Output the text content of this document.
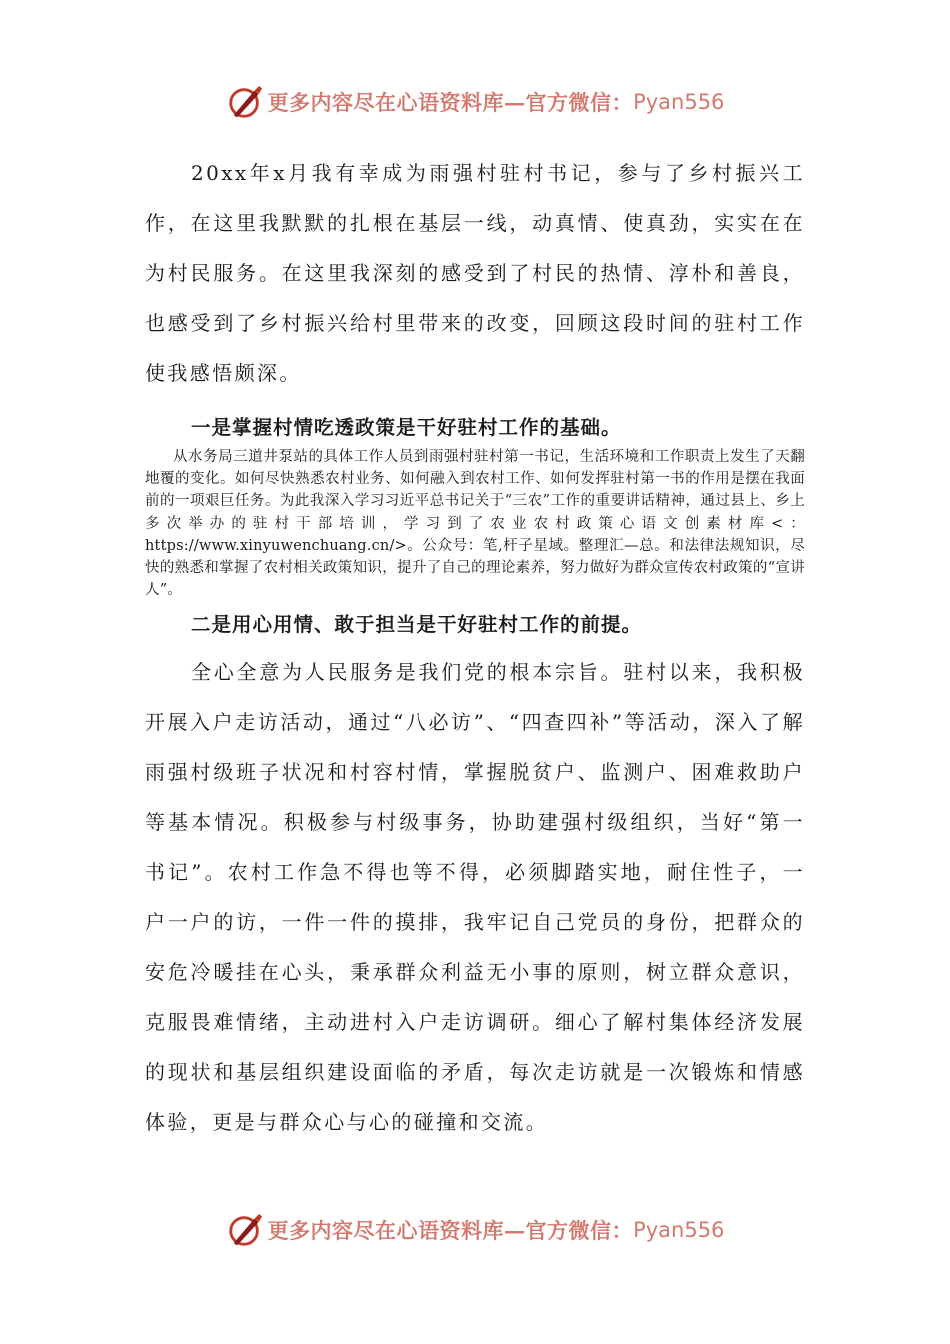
更多内容尽在心语资料库—官方微信： Pyan556

20xx年x月我有幸成为雨强村驻村书记，参与了乡村振兴工作，在这里我默默的扎根在基层一线，动真情、使真劲，实实在在为村民服务。在这里我深刻的感受到了村民的热情、淳朴和善良，也感受到了乡村振兴给村里带来的改变，回顾这段时间的驻村工作使我感悟颇深。

一是掌握村情吃透政策是干好驻村工作的基础。

从水务局三道井泵站的具体工作人员到雨强村驻村第一书记，生活环境和工作职责上发生了天翻地覆的变化。如何尽快熟悉农村业务、如何融入到农村工作、如何发挥驻村第一书的作用是摆在我面前的一项艰巨任务。为此我深入学习习近平总书记关于“三农”工作的重要讲话精神，通过县上、乡上多次举办的驻村干部培训，学习到了农业农村政策心语文创素材库<：https://www.xinyuwenchuang.cn/>。公众号：笔,杆子星域。整理汇—总。和法律法规知识，尽快的熟悉和掌握了农村相关政策知识，提升了自己的理论素养，努力做好为群众宣传农村政策的“宣讲人”。

二是用心用情、敢于担当是干好驻村工作的前提。

全心全意为人民服务是我们党的根本宗旨。驻村以来，我积极开展入户走访活动，通过“八必访”、“四查四补”等活动，深入了解雨强村级班子状况和村容村情，掌握脱贫户、监测户、困难救助户等基本情况。积极参与村级事务，协助建强村级组织，当好“第一书记”。农村工作急不得也等不得，必须脚踏实地，耐住性子，一户一户的访，一件一件的摸排，我牢记自己党员的身份，把群众的安危冷暖挂在心头，秉承群众利益无小事的原则，树立群众意识，克服畏难情绪，主动进村入户走访调研。细心了解村集体经济发展的现状和基层组织建设面临的矛盾，每次走访就是一次锻炼和情感体验，更是与群众心与心的碰撞和交流。

更多内容尽在心语资料库—官方微信： Pyan556
